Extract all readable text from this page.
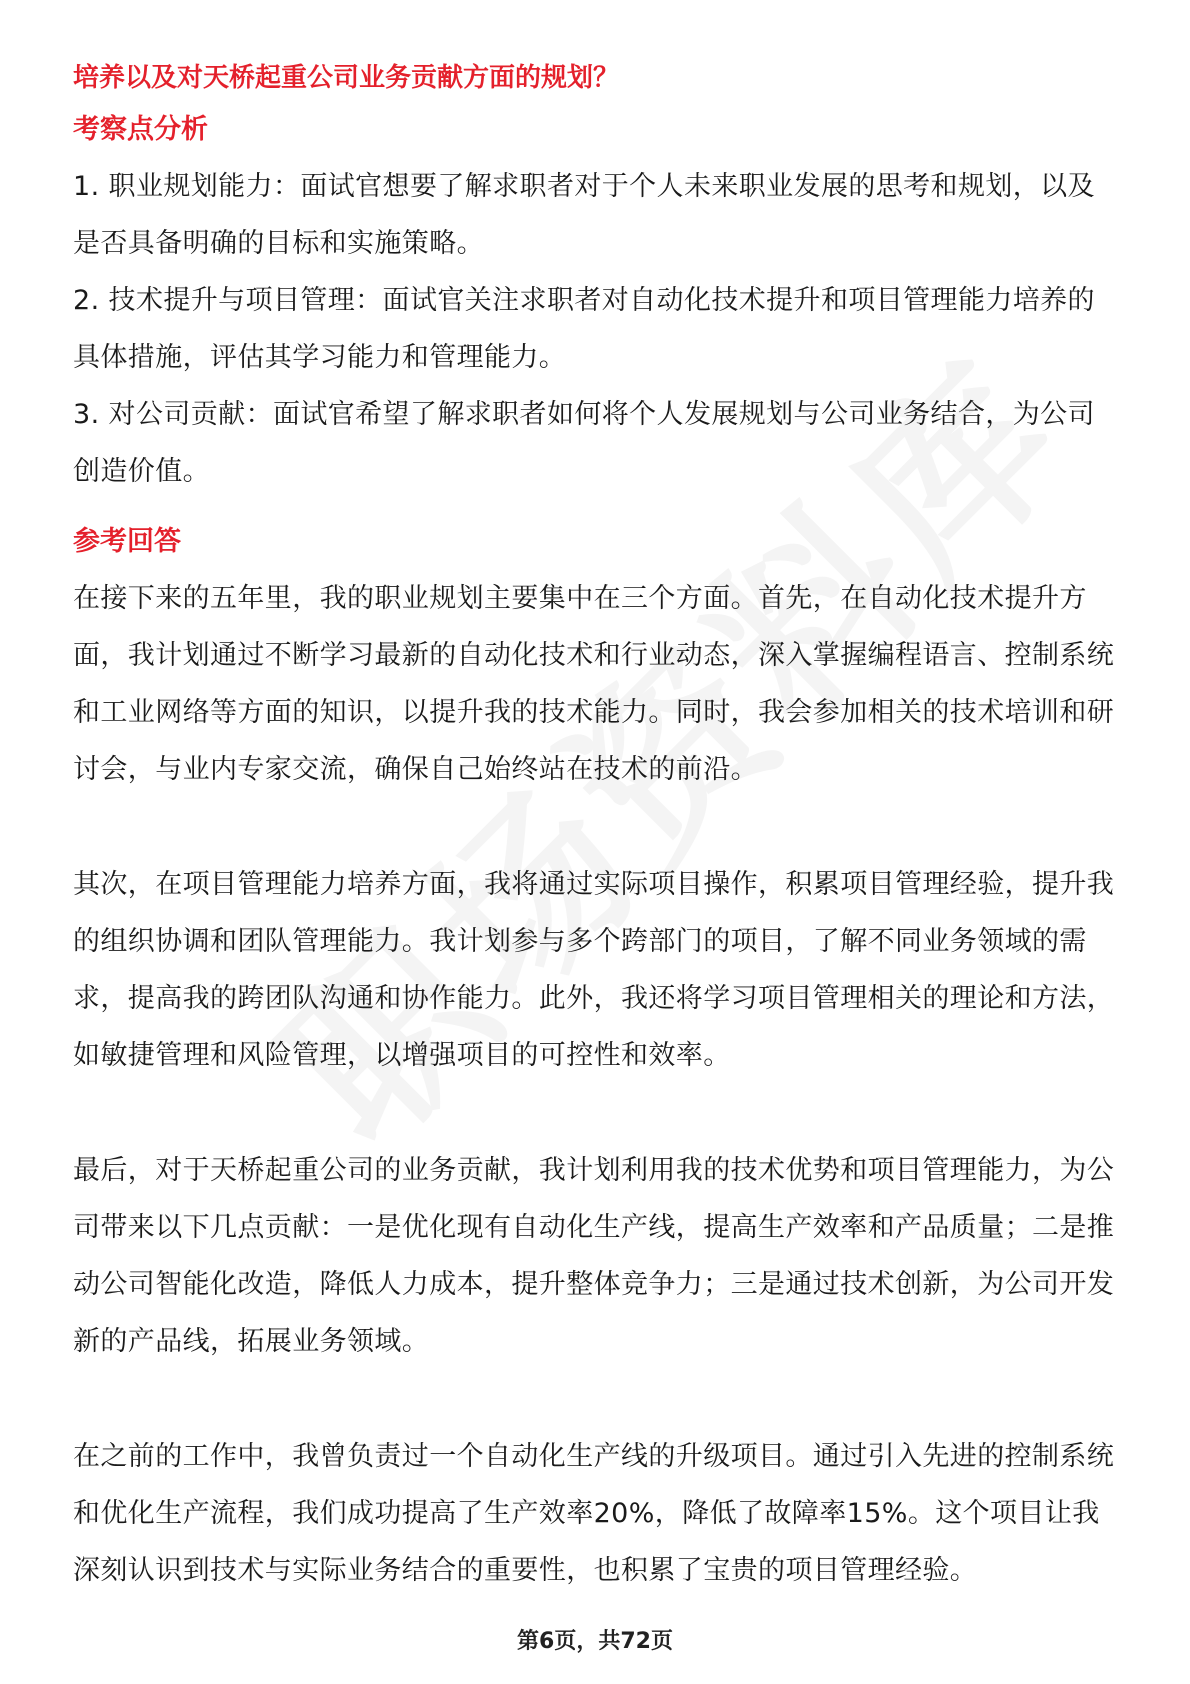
培养以及对天桥起重公司业务贡献方面的规划？

考察点分析

1. 职业规划能力：面试官想要了解求职者对于个人未来职业发展的思考和规划，以及是否具备明确的目标和实施策略。

2. 技术提升与项目管理：面试官关注求职者对自动化技术提升和项目管理能力培养的具体措施，评估其学习能力和管理能力。

3. 对公司贡献：面试官希望了解求职者如何将个人发展规划与公司业务结合，为公司创造价值。

参考回答

在接下来的五年里，我的职业规划主要集中在三个方面。首先，在自动化技术提升方面，我计划通过不断学习最新的自动化技术和行业动态，深入掌握编程语言、控制系统和工业网络等方面的知识，以提升我的技术能力。同时，我会参加相关的技术培训和研讨会，与业内专家交流，确保自己始终站在技术的前沿。

其次，在项目管理能力培养方面，我将通过实际项目操作，积累项目管理经验，提升我的组织协调和团队管理能力。我计划参与多个跨部门的项目，了解不同业务领域的需求，提高我的跨团队沟通和协作能力。此外，我还将学习项目管理相关的理论和方法，如敏捷管理和风险管理，以增强项目的可控性和效率。

最后，对于天桥起重公司的业务贡献，我计划利用我的技术优势和项目管理能力，为公司带来以下几点贡献：一是优化现有自动化生产线，提高生产效率和产品质量；二是推动公司智能化改造，降低人力成本，提升整体竞争力；三是通过技术创新，为公司开发新的产品线，拓展业务领域。

在之前的工作中，我曾负责过一个自动化生产线的升级项目。通过引入先进的控制系统和优化生产流程，我们成功提高了生产效率20%，降低了故障率15%。这个项目让我深刻认识到技术与实际业务结合的重要性，也积累了宝贵的项目管理经验。

第6页，共72页
